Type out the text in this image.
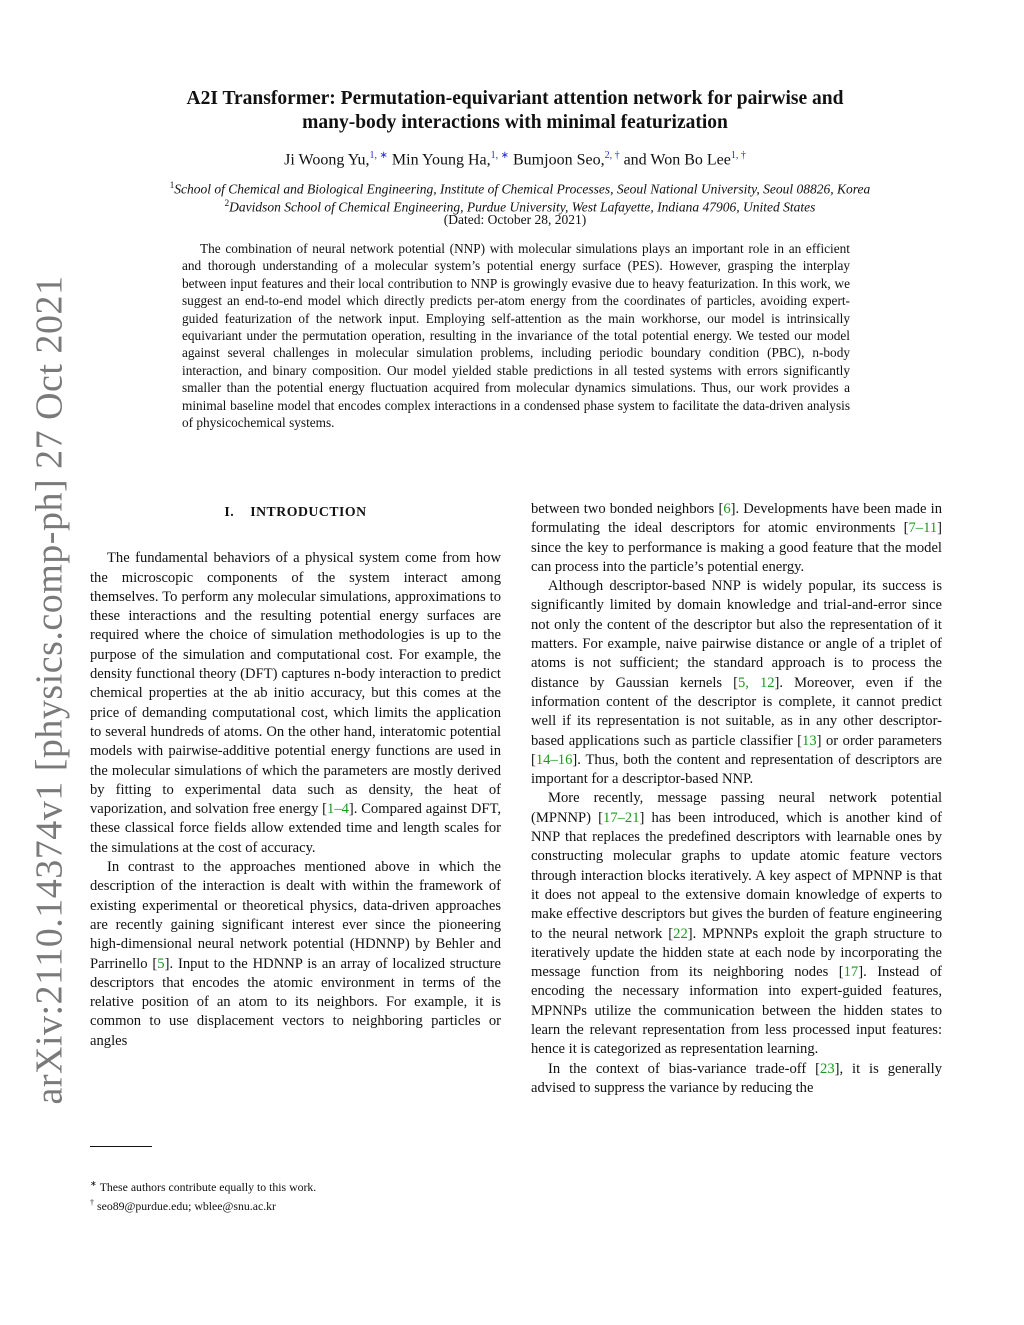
arXiv:2110.14374v1 [physics.comp-ph] 27 Oct 2021
A2I Transformer: Permutation-equivariant attention network for pairwise and
many-body interactions with minimal featurization
Ji Woong Yu,$^{1, ∗}$ Min Young Ha,$^{1, ∗}$ Bumjoon Seo,$^{2, \dagger}$ and Won Bo Lee$^{1, \dagger}$
$^1$School of Chemical and Biological Engineering, Institute of Chemical Processes, Seoul National University, Seoul 08826, Korea
$^2$Davidson School of Chemical Engineering, Purdue University, West Lafayette, Indiana 47906, United States
(Dated: October 28, 2021)
The combination of neural network potential (NNP) with molecular simulations plays an important role in an efficient and thorough understanding of a molecular system’s potential energy surface (PES). However, grasping the interplay between input features and their local contribution to NNP is growingly evasive due to heavy featurization. In this work, we suggest an end-to-end model which directly predicts per-atom energy from the coordinates of particles, avoiding expert-guided featurization of the network input. Employing self-attention as the main workhorse, our model is intrinsically equivariant under the permutation operation, resulting in the invariance of the total potential energy. We tested our model against several challenges in molecular simulation problems, including periodic boundary condition (PBC), n-body interaction, and binary composition. Our model yielded stable predictions in all tested systems with errors significantly smaller than the potential energy fluctuation acquired from molecular dynamics simulations. Thus, our work provides a minimal baseline model that encodes complex interactions in a condensed phase system to facilitate the data-driven analysis of physicochemical systems.
I. INTRODUCTION

The fundamental behaviors of a physical system come from how the microscopic components of the system interact among themselves. To perform any molecular simulations, approximations to these interactions and the resulting potential energy surfaces are required where the choice of simulation methodologies is up to the purpose of the simulation and computational cost. For example, the density functional theory (DFT) captures n-body interaction to predict chemical properties at the ab initio accuracy, but this comes at the price of demanding computational cost, which limits the application to several hundreds of atoms. On the other hand, interatomic potential models with pairwise-additive potential energy functions are used in the molecular simulations of which the parameters are mostly derived by fitting to experimental data such as density, the heat of vaporization, and solvation free energy [1–4]. Compared against DFT, these classical force fields allow extended time and length scales for the simulations at the cost of accuracy.

In contrast to the approaches mentioned above in which the description of the interaction is dealt with within the framework of existing experimental or theoretical physics, data-driven approaches are recently gaining significant interest ever since the pioneering high-dimensional neural network potential (HDNNP) by Behler and Parrinello [5]. Input to the HDNNP is an array of localized structure descriptors that encodes the atomic environment in terms of the relative position of an atom to its neighbors. For example, it is common to use displacement vectors to neighboring particles or angles

between two bonded neighbors [6]. Developments have been made in formulating the ideal descriptors for atomic environments [7–11] since the key to performance is making a good feature that the model can process into the particle’s potential energy.

Although descriptor-based NNP is widely popular, its success is significantly limited by domain knowledge and trial-and-error since not only the content of the descriptor but also the representation of it matters. For example, naive pairwise distance or angle of a triplet of atoms is not sufficient; the standard approach is to process the distance by Gaussian kernels [5, 12]. Moreover, even if the information content of the descriptor is complete, it cannot predict well if its representation is not suitable, as in any other descriptor-based applications such as particle classifier [13] or order parameters [14–16]. Thus, both the content and representation of descriptors are important for a descriptor-based NNP.

More recently, message passing neural network potential (MPNNP) [17–21] has been introduced, which is another kind of NNP that replaces the predefined descriptors with learnable ones by constructing molecular graphs to update atomic feature vectors through interaction blocks iteratively. A key aspect of MPNNP is that it does not appeal to the extensive domain knowledge of experts to make effective descriptors but gives the burden of feature engineering to the neural network [22]. MPNNPs exploit the graph structure to iteratively update the hidden state at each node by incorporating the message function from its neighboring nodes [17]. Instead of encoding the necessary information into expert-guided features, MPNNPs utilize the communication between the hidden states to learn the relevant representation from less processed input features: hence it is categorized as representation learning.

In the context of bias-variance trade-off [23], it is generally advised to suppress the variance by reducing the

∗ These authors contribute equally to this work.
† seo89@purdue.edu; wblee@snu.ac.kr
